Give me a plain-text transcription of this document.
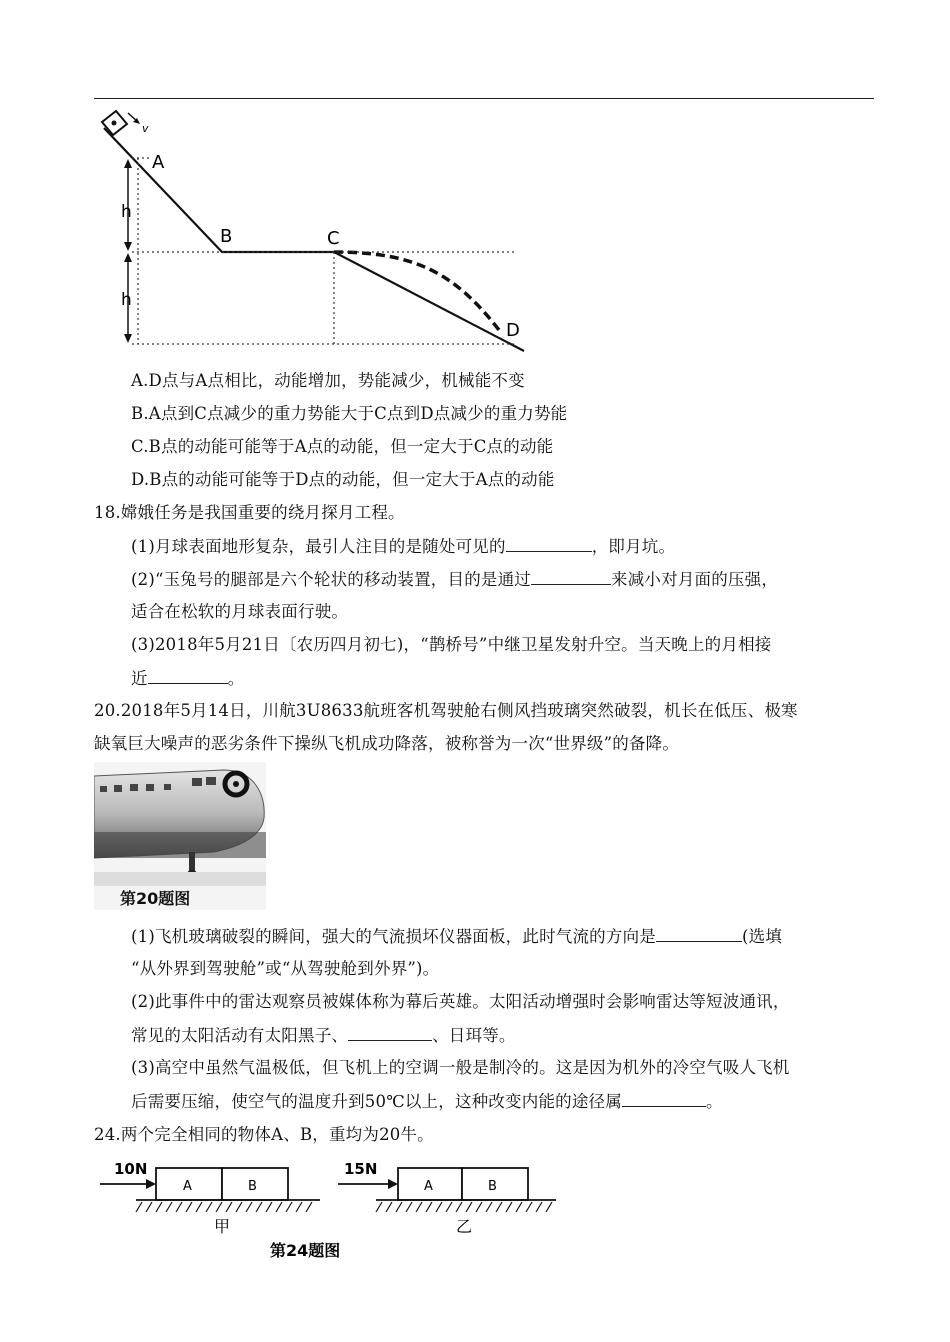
v
h
h
A
B	C
D
A.D点与A点相比，动能增加，势能减少，机械能不变
B.A点到C点减少的重力势能大于C点到D点减少的重力势能
C.B点的动能可能等于A点的动能，但一定大于C点的动能
D.B点的动能可能等于D点的动能，但一定大于A点的动能
18.嫦娥任务是我国重要的绕月探月工程。
(1)月球表面地形复杂，最引人注目的是随处可见的	，即月坑。
(2)“玉兔号的腿部是六个轮状的移动装置，目的是通过	来减小对月面的压强，
适合在松软的月球表面行驶。
(3)2018年5月21日〔农历四月初七)，“鹊桥号”中继卫星发射升空。当天晚上的月相接
近	。
20.2018年5月14日，川航3U8633航班客机驾驶舱右侧风挡玻璃突然破裂，机长在低压、极寒
缺氧巨大噪声的恶劣条件下操纵飞机成功降落，被称誉为一次“世界级”的备降。
第20题图
(1)飞机玻璃破裂的瞬间，强大的气流损坏仪器面板，此时气流的方向是	(选填
“从外界到驾驶舱”或“从驾驶舱到外界”)。
(2)此事件中的雷达观察员被媒体称为幕后英雄。太阳活动增强时会影响雷达等短波通讯，
常见的太阳活动有太阳黑子、	、日珥等。
(3)高空中虽然气温极低，但飞机上的空调一般是制冷的。这是因为机外的冷空气吸人飞机
后需要压缩，使空气的温度升到50℃以上，这种改变内能的途径属	。
24.两个完全相同的物体A、B，重均为20牛。
10N
A	B
甲
15N
A	B
乙
第24题图
